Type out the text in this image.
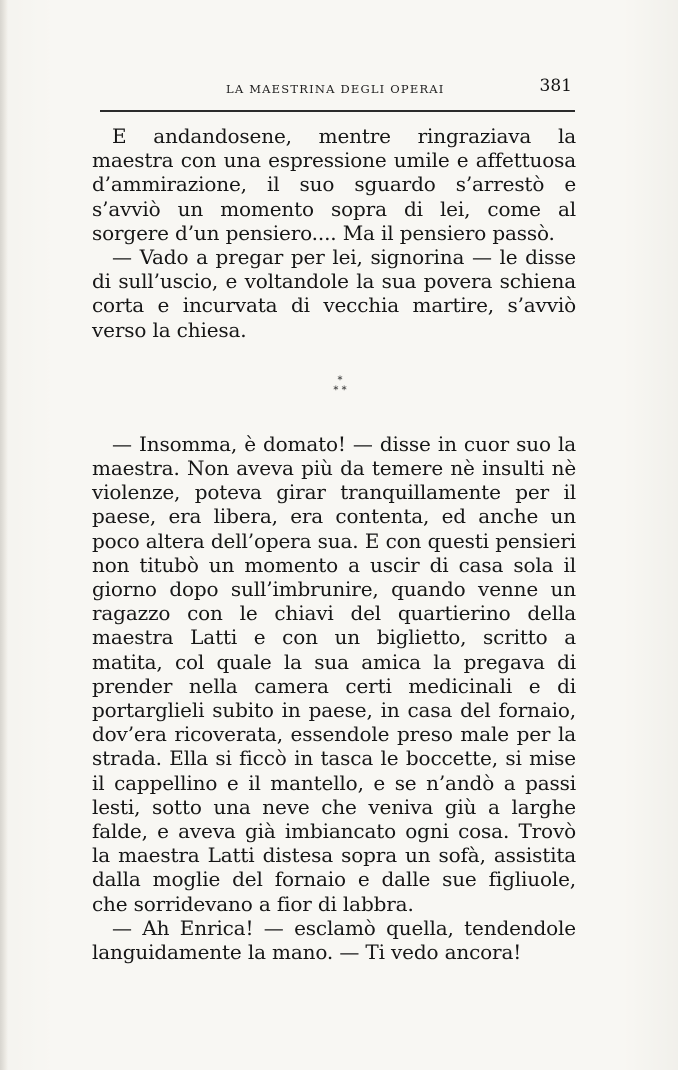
LA MAESTRINA DEGLI OPERAI	381

E andandosene, mentre ringraziava la maestra con una espressione umile e affettuosa d’ammirazione, il suo sguardo s’arrestò e s’avviò un momento sopra di lei, come al sorgere d’un pensiero.... Ma il pensiero passò.

— Vado a pregar per lei, signorina — le disse di sull’uscio, e voltandole la sua povera schiena corta e incurvata di vecchia martire, s’avviò verso la chiesa.

*
* *

— Insomma, è domato! — disse in cuor suo la maestra. Non aveva più da temere nè insulti nè violenze, poteva girar tranquillamente per il paese, era libera, era contenta, ed anche un poco altera dell’opera sua. E con questi pensieri non titubò un momento a uscir di casa sola il giorno dopo sull’imbrunire, quando venne un ragazzo con le chiavi del quartierino della maestra Latti e con un biglietto, scritto a matita, col quale la sua amica la pregava di prender nella camera certi medicinali e di portarglieli subito in paese, in casa del fornaio, dov’era ricoverata, essendole preso male per la strada. Ella si ficcò in tasca le boccette, si mise il cappellino e il mantello, e se n’andò a passi lesti, sotto una neve che veniva giù a larghe falde, e aveva già imbiancato ogni cosa. Trovò la maestra Latti distesa sopra un sofà, assistita dalla moglie del fornaio e dalle sue figliuole, che sorridevano a fior di labbra.

— Ah Enrica! — esclamò quella, tendendole languidamente la mano. — Ti vedo ancora!
